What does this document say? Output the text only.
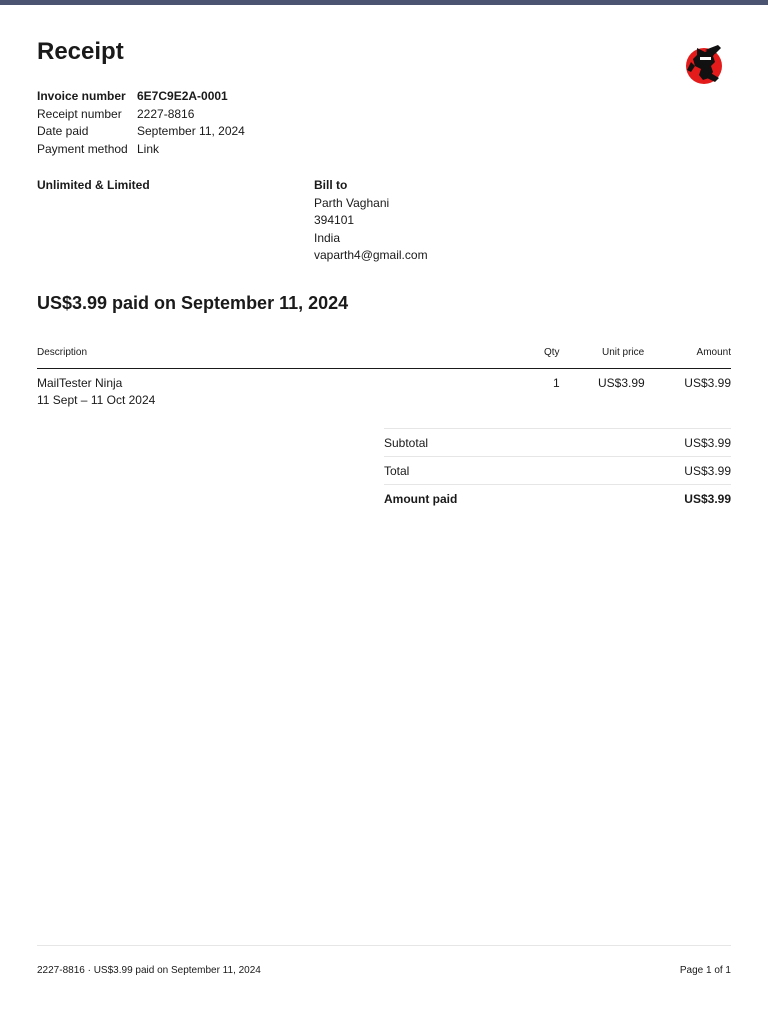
Receipt
Invoice number 6E7C9E2A-0001
Receipt number	2227-8816
Date paid	September 11, 2024
Payment method Link
Unlimited & Limited	Bill to
Parth Vaghani
394101
India
vaparth4@gmail.com
US$3.99 paid on September 11, 2024
Description	Qty	Unit price	Amount
MailTester Ninja
11 Sept – 11 Oct 2024
1	US$3.99	US$3.99
Subtotal	US$3.99
Total	US$3.99
Amount paid	US$3.99
2227-8816 · US$3.99 paid on September 11, 2024	Page 1 of 1
